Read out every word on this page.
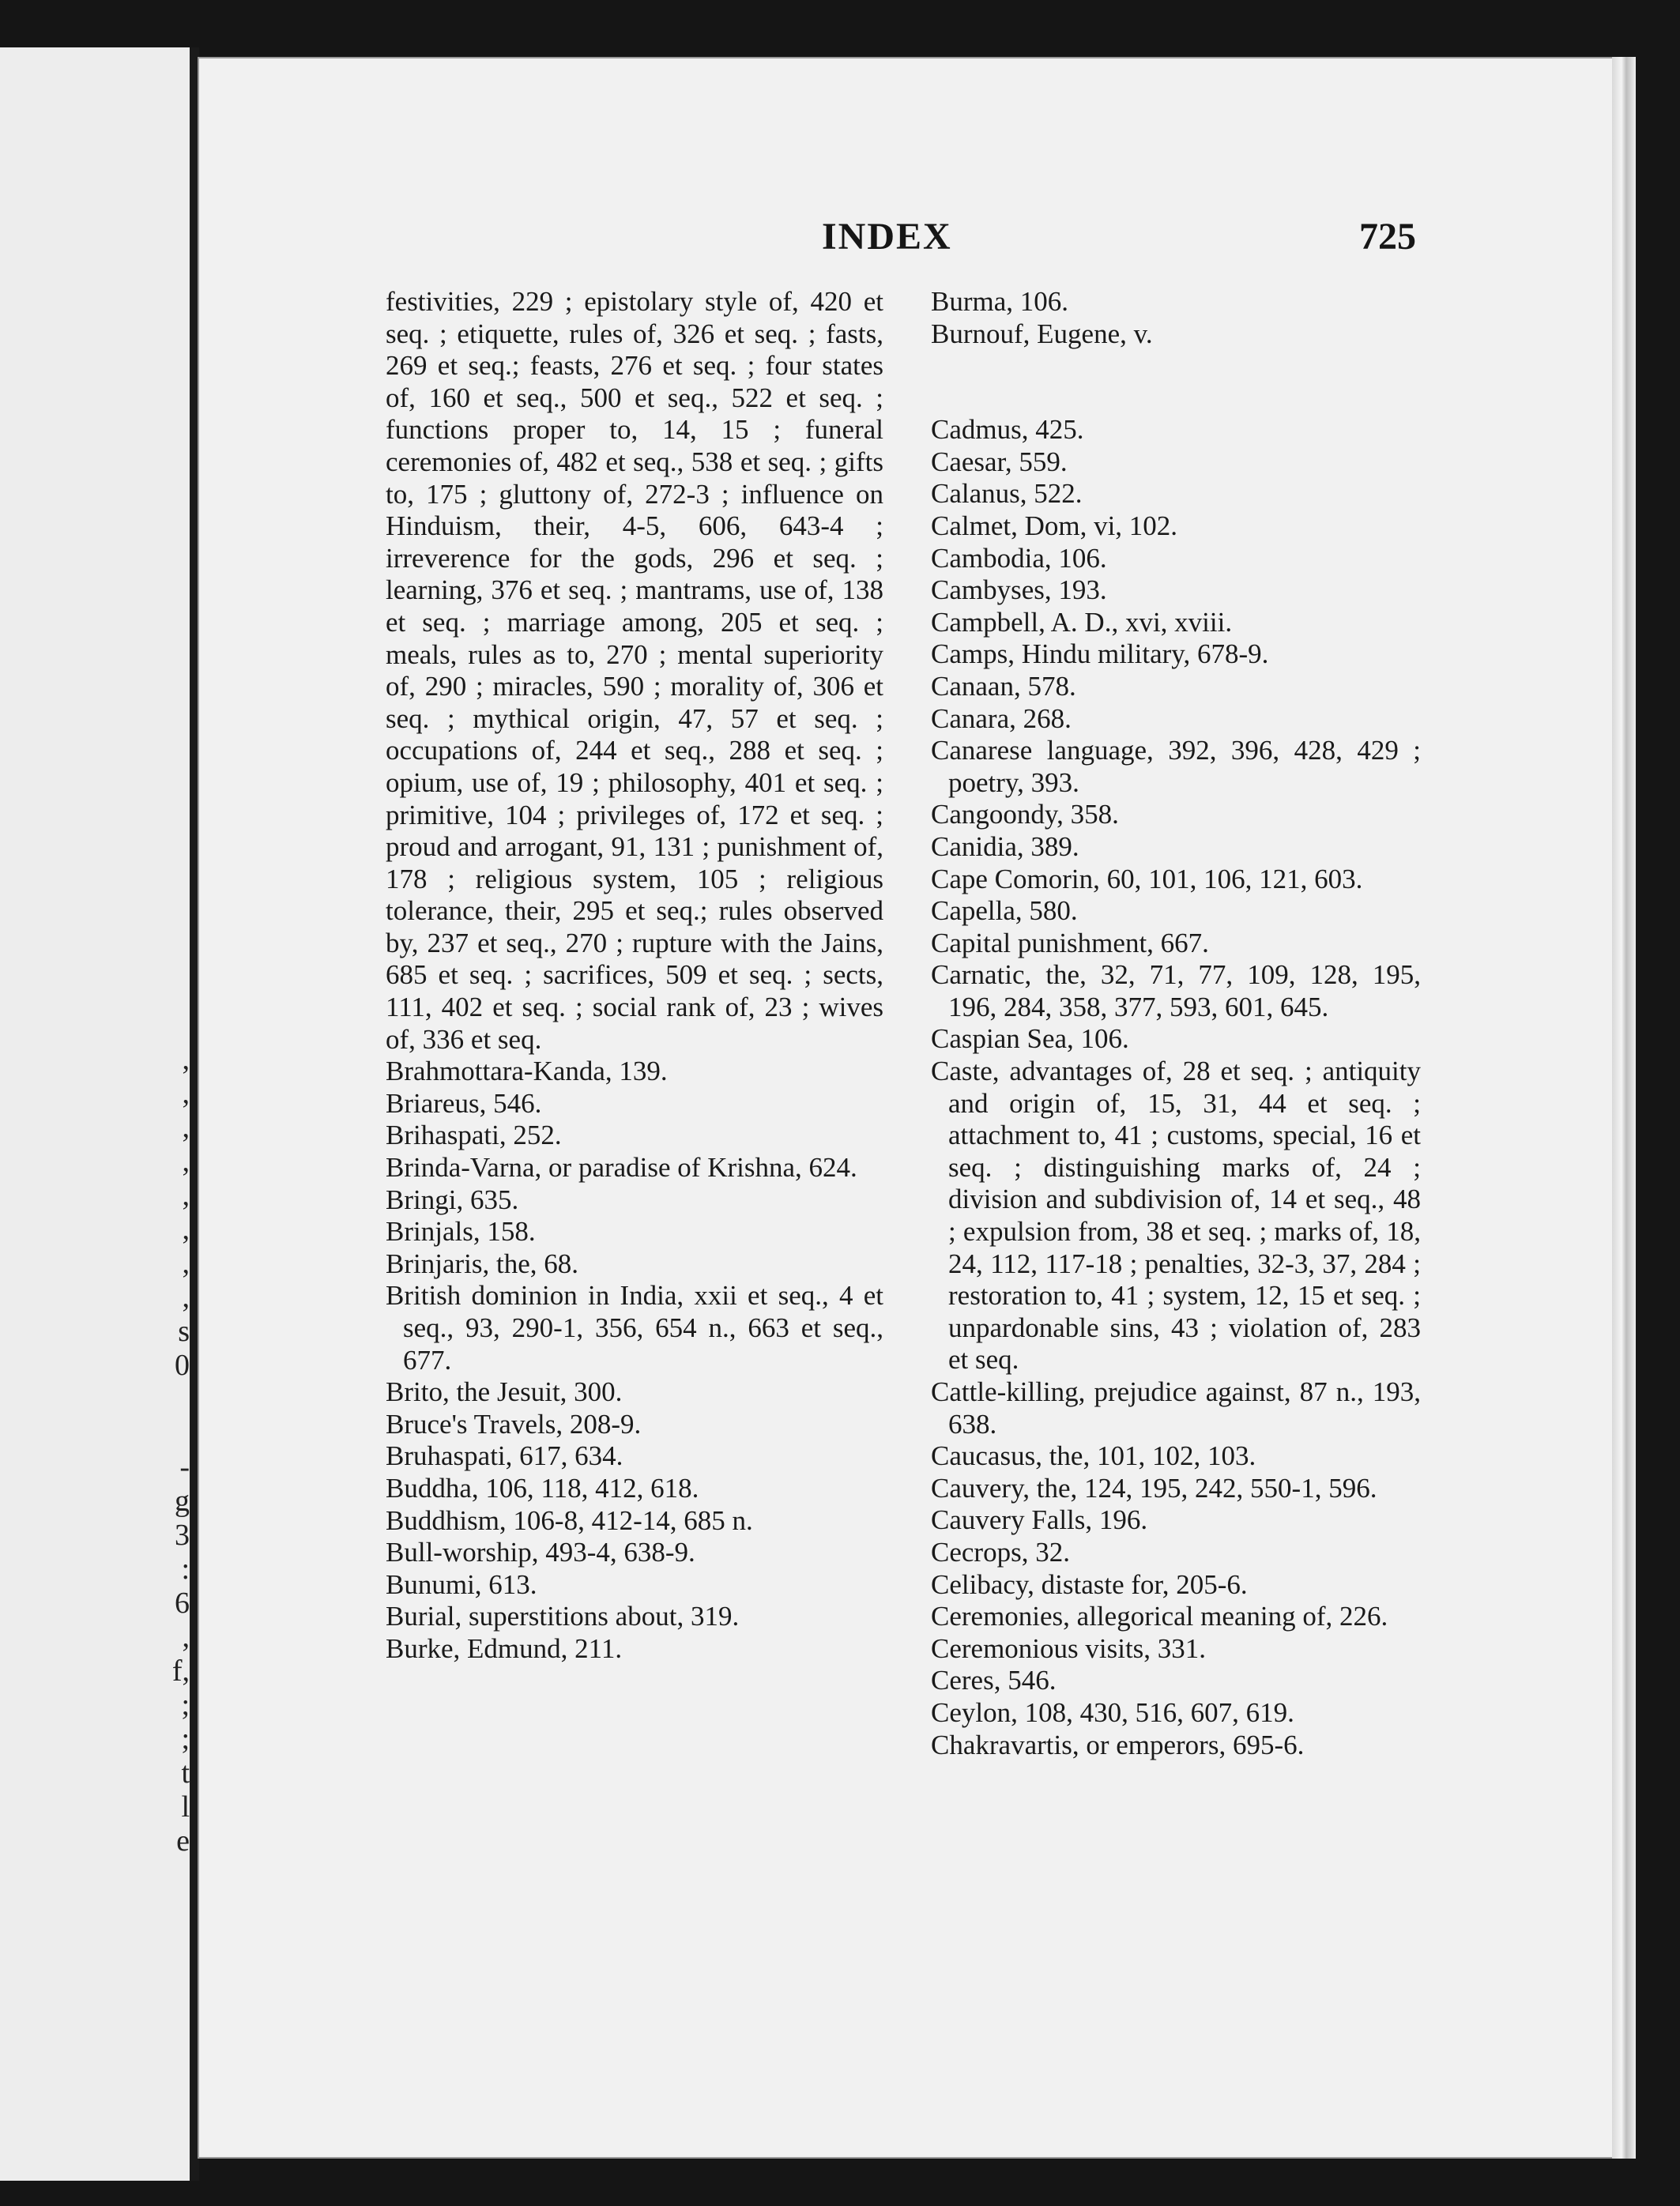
,
,
,
,
,
,
,
,
s
0
-
g
3
:
6
,
f,
;
;
t
l
e
INDEX	725
festivities, 229 ; epistolary style of, 420 et seq. ; etiquette, rules of, 326 et seq. ; fasts, 269 et seq.; feasts, 276 et seq. ; four states of, 160 et seq., 500 et seq., 522 et seq. ; functions proper to, 14, 15 ; funeral ceremonies of, 482 et seq., 538 et seq. ; gifts to, 175 ; gluttony of, 272-3 ; influence on Hinduism, their, 4-5, 606, 643-4 ; irreverence for the gods, 296 et seq. ; learning, 376 et seq. ; mantrams, use of, 138 et seq. ; marriage among, 205 et seq. ; meals, rules as to, 270 ; mental superiority of, 290 ; miracles, 590 ; morality of, 306 et seq. ; mythical origin, 47, 57 et seq. ; occupations of, 244 et seq., 288 et seq. ; opium, use of, 19 ; philosophy, 401 et seq. ; primitive, 104 ; privileges of, 172 et seq. ; proud and arrogant, 91, 131 ; punishment of, 178 ; religious system, 105 ; religious tolerance, their, 295 et seq.; rules observed by, 237 et seq., 270 ; rupture with the Jains, 685 et seq. ; sacrifices, 509 et seq. ; sects, 111, 402 et seq. ; social rank of, 23 ; wives of, 336 et seq.
Brahmottara-Kanda, 139.
Briareus, 546.
Brihaspati, 252.
Brinda-Varna, or paradise of Krishna, 624.
Bringi, 635.
Brinjals, 158.
Brinjaris, the, 68.
British dominion in India, xxii et seq., 4 et seq., 93, 290-1, 356, 654 n., 663 et seq., 677.
Brito, the Jesuit, 300.
Bruce's Travels, 208-9.
Bruhaspati, 617, 634.
Buddha, 106, 118, 412, 618.
Buddhism, 106-8, 412-14, 685 n.
Bull-worship, 493-4, 638-9.
Bunumi, 613.
Burial, superstitions about, 319.
Burke, Edmund, 211.
Burma, 106.
Burnouf, Eugene, v.
Cadmus, 425.
Caesar, 559.
Calanus, 522.
Calmet, Dom, vi, 102.
Cambodia, 106.
Cambyses, 193.
Campbell, A. D., xvi, xviii.
Camps, Hindu military, 678-9.
Canaan, 578.
Canara, 268.
Canarese language, 392, 396, 428, 429 ; poetry, 393.
Cangoondy, 358.
Canidia, 389.
Cape Comorin, 60, 101, 106, 121, 603.
Capella, 580.
Capital punishment, 667.
Carnatic, the, 32, 71, 77, 109, 128, 195, 196, 284, 358, 377, 593, 601, 645.
Caspian Sea, 106.
Caste, advantages of, 28 et seq. ; antiquity and origin of, 15, 31, 44 et seq. ; attachment to, 41 ; customs, special, 16 et seq. ; distinguishing marks of, 24 ; division and subdivision of, 14 et seq., 48 ; expulsion from, 38 et seq. ; marks of, 18, 24, 112, 117-18 ; penalties, 32-3, 37, 284 ; restoration to, 41 ; system, 12, 15 et seq. ; unpardonable sins, 43 ; violation of, 283 et seq.
Cattle-killing, prejudice against, 87 n., 193, 638.
Caucasus, the, 101, 102, 103.
Cauvery, the, 124, 195, 242, 550-1, 596.
Cauvery Falls, 196.
Cecrops, 32.
Celibacy, distaste for, 205-6.
Ceremonies, allegorical meaning of, 226.
Ceremonious visits, 331.
Ceres, 546.
Ceylon, 108, 430, 516, 607, 619.
Chakravartis, or emperors, 695-6.
